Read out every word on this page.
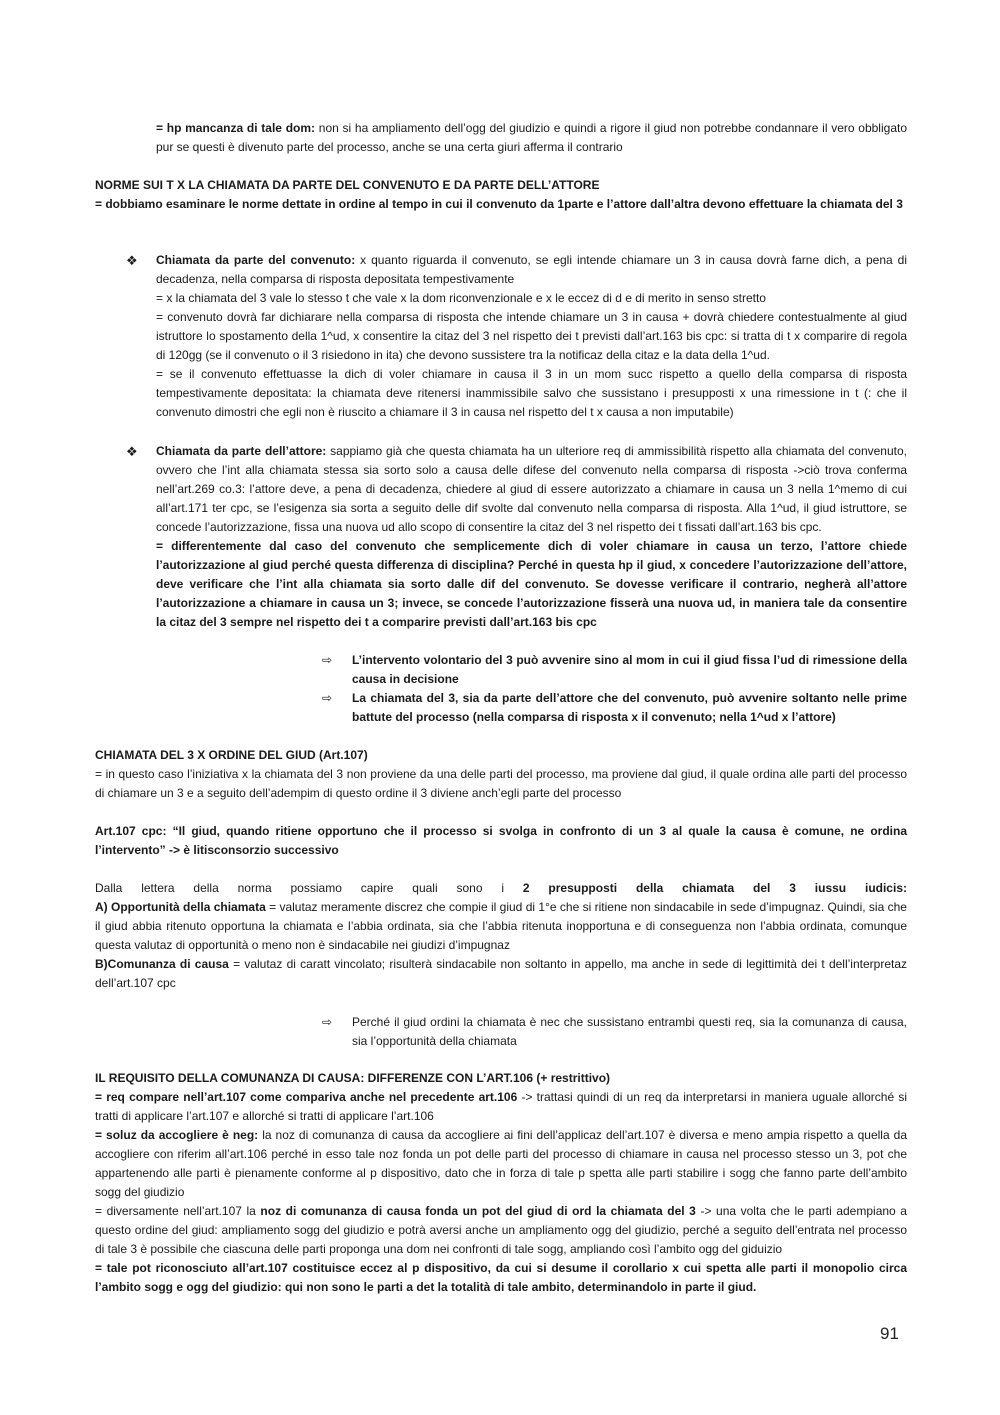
= hp mancanza di tale dom: non si ha ampliamento dell’ogg del giudizio e quindi a rigore il giud non potrebbe condannare il vero obbligato pur se questi è divenuto parte del processo, anche se una certa giuri afferma il contrario

NORME SUI T X LA CHIAMATA DA PARTE DEL CONVENUTO E DA PARTE DELL’ATTORE

= dobbiamo esaminare le norme dettate in ordine al tempo in cui il convenuto da 1parte e l’attore dall’altra devono effettuare la chiamata del 3

❖ Chiamata da parte del convenuto: x quanto riguarda il convenuto, se egli intende chiamare un 3 in causa dovrà farne dich, a pena di decadenza, nella comparsa di risposta depositata tempestivamente
= x la chiamata del 3 vale lo stesso t che vale x la dom riconvenzionale e x le eccez di d e di merito in senso stretto
= convenuto dovrà far dichiarare nella comparsa di risposta che intende chiamare un 3 in causa + dovrà chiedere contestualmente al giud istruttore lo spostamento della 1^ud, x consentire la citaz del 3 nel rispetto dei t previsti dall’art.163 bis cpc: si tratta di t x comparire di regola di 120gg (se il convenuto o il 3 risiedono in ita) che devono sussistere tra la notificaz della citaz e la data della 1^ud.
= se il convenuto effettuasse la dich di voler chiamare in causa il 3 in un mom succ rispetto a quello della comparsa di risposta tempestivamente depositata: la chiamata deve ritenersi inammissibile salvo che sussistano i presupposti x una rimessione in t (: che il convenuto dimostri che egli non è riuscito a chiamare il 3 in causa nel rispetto del t x causa a non imputabile)
❖ Chiamata da parte dell’attore: sappiamo già che questa chiamata ha un ulteriore req di ammissibilità rispetto alla chiamata del convenuto, ovvero che l’int alla chiamata stessa sia sorto solo a causa delle difese del convenuto nella comparsa di risposta ->ciò trova conferma nell’art.269 co.3: l’attore deve, a pena di decadenza, chiedere al giud di essere autorizzato a chiamare in causa un 3 nella 1^memo di cui all’art.171 ter cpc, se l’esigenza sia sorta a seguito delle dif svolte dal convenuto nella comparsa di risposta. Alla 1^ud, il giud istruttore, se concede l’autorizzazione, fissa una nuova ud allo scopo di consentire la citaz del 3 nel rispetto dei t fissati dall’art.163 bis cpc.
= differentemente dal caso del convenuto che semplicemente dich di voler chiamare in causa un terzo, l’attore chiede l’autorizzazione al giud perché questa differenza di disciplina? Perché in questa hp il giud, x concedere l’autorizzazione dell’attore, deve verificare che l’int alla chiamata sia sorto dalle dif del convenuto. Se dovesse verificare il contrario, negherà all’attore l’autorizzazione a chiamare in causa un 3; invece, se concede l’autorizzazione fisserà una nuova ud, in maniera tale da consentire la citaz del 3 sempre nel rispetto dei t a comparire previsti dall’art.163 bis cpc
⇨ L’intervento volontario del 3 può avvenire sino al mom in cui il giud fissa l’ud di rimessione della causa in decisione

⇨ La chiamata del 3, sia da parte dell’attore che del convenuto, può avvenire soltanto nelle prime battute del processo (nella comparsa di risposta x il convenuto; nella 1^ud x l’attore)

CHIAMATA DEL 3 X ORDINE DEL GIUD (Art.107)

= in questo caso l’iniziativa x la chiamata del 3 non proviene da una delle parti del processo, ma proviene dal giud, il quale ordina alle parti del processo di chiamare un 3 e a seguito dell’adempim di questo ordine il 3 diviene anch’egli parte del processo

Art.107 cpc: “Il giud, quando ritiene opportuno che il processo si svolga in confronto di un 3 al quale la causa è comune, ne ordina l’intervento” -> è litisconsorzio successivo

Dalla lettera della norma possiamo capire quali sono i 2 presupposti della chiamata del 3 iussu iudicis:

A) Opportunità della chiamata = valutaz meramente discrez che compie il giud di 1°e che si ritiene non sindacabile in sede d’impugnaz. Quindi, sia che il giud abbia ritenuto opportuna la chiamata e l’abbia ordinata, sia che l’abbia ritenuta inopportuna e di conseguenza non l’abbia ordinata, comunque questa valutaz di opportunità o meno non è sindacabile nei giudizi d’impugnaz

B)Comunanza di causa = valutaz di caratt vincolato; risulterà sindacabile non soltanto in appello, ma anche in sede di legittimità dei t dell’interpretaz dell’art.107 cpc

⇨ Perché il giud ordini la chiamata è nec che sussistano entrambi questi req, sia la comunanza di causa, sia l’opportunità della chiamata

IL REQUISITO DELLA COMUNANZA DI CAUSA: DIFFERENZE CON L’ART.106 (+ restrittivo)

= req compare nell’art.107 come compariva anche nel precedente art.106 -> trattasi quindi di un req da interpretarsi in maniera uguale allorché si tratti di applicare l’art.107 e allorché si tratti di applicare l’art.106
= soluz da accogliere è neg: la noz di comunanza di causa da accogliere ai fini dell’applicaz dell’art.107 è diversa e meno ampia rispetto a quella da accogliere con riferim all’art.106 perché in esso tale noz fonda un pot delle parti del processo di chiamare in causa nel processo stesso un 3, pot che appartenendo alle parti è pienamente conforme al p dispositivo, dato che in forza di tale p spetta alle parti stabilire i sogg che fanno parte dell’ambito sogg del giudizio
= diversamente nell’art.107 la noz di comunanza di causa fonda un pot del giud di ord la chiamata del 3 -> una volta che le parti adempiano a questo ordine del giud: ampliamento sogg del giudizio e potrà aversi anche un ampliamento ogg del giudizio, perché a seguito dell’entrata nel processo di tale 3 è possibile che ciascuna delle parti proponga una dom nei confronti di tale sogg, ampliando così l’ambito ogg del giduizio
= tale pot riconosciuto all’art.107 costituisce eccez al p dispositivo, da cui si desume il corollario x cui spetta alle parti il monopolio circa l’ambito sogg e ogg del giudizio: qui non sono le parti a det la totalità di tale ambito, determinandolo in parte il giud.
91
